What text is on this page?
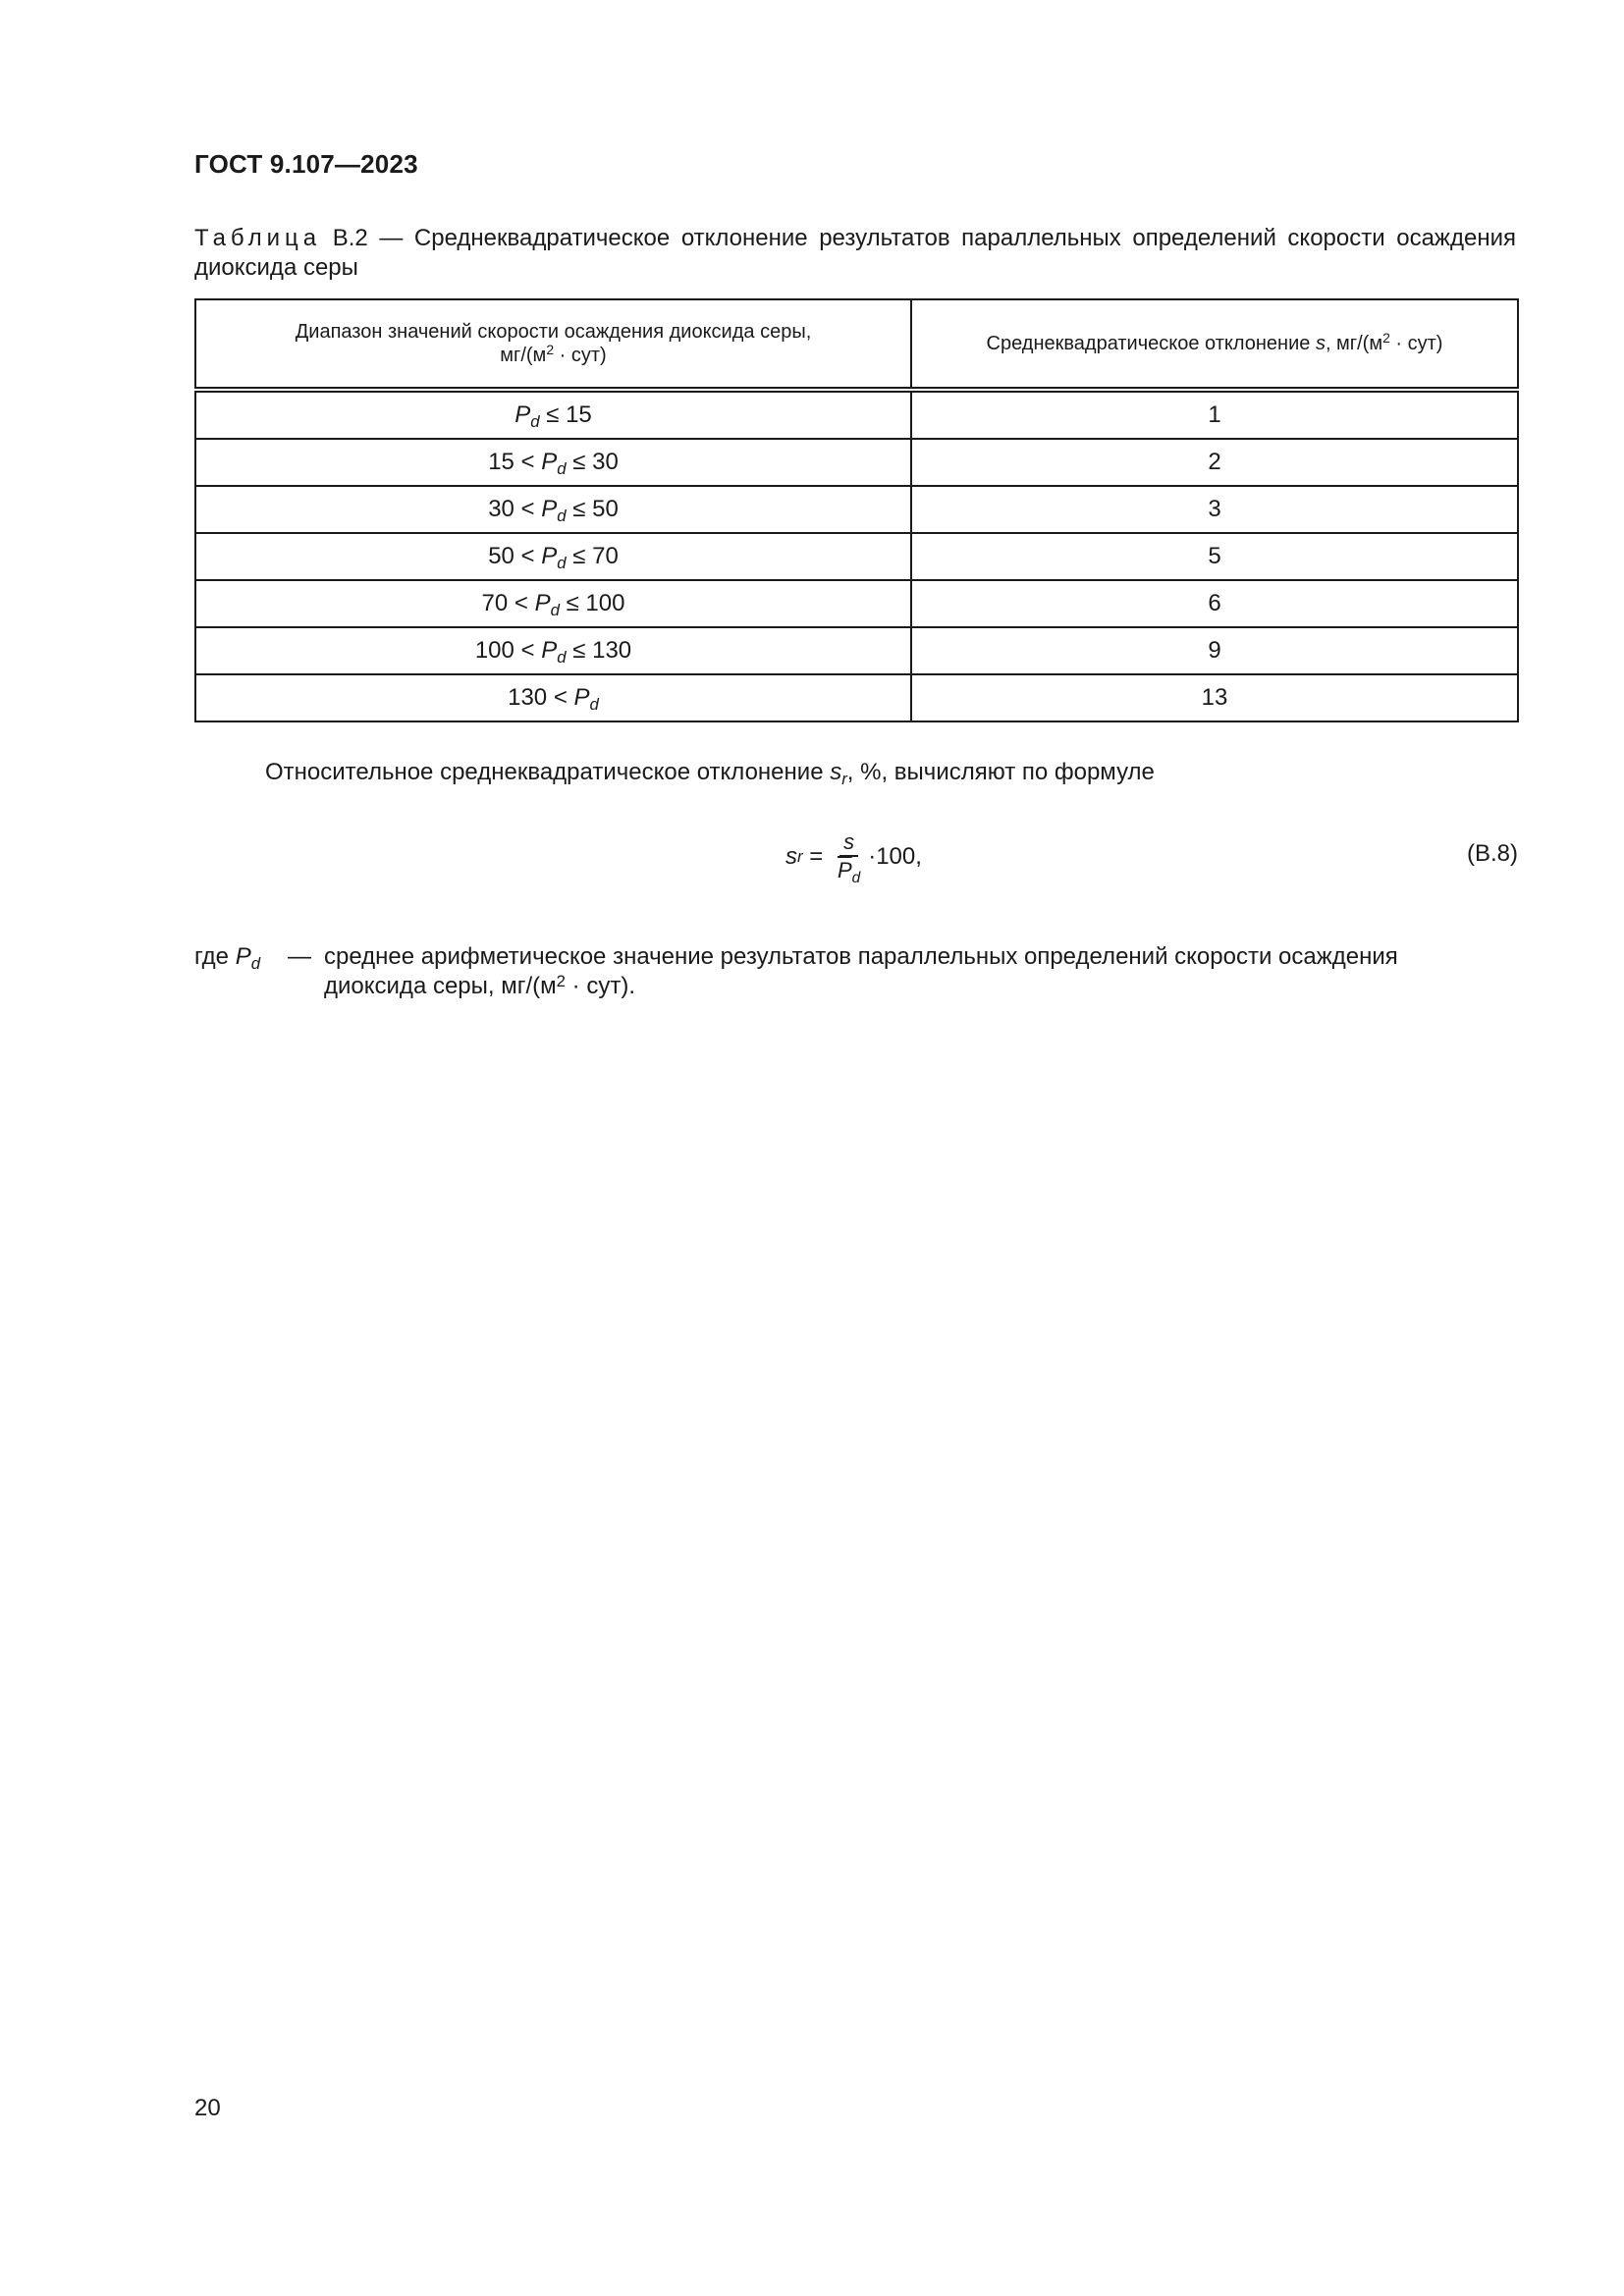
ГОСТ 9.107—2023
Таблица В.2 — Среднеквадратическое отклонение результатов параллельных определений скорости осаждения диоксида серы
Диапазон значений скорости осаждения диоксида серы,
$мг/(м^2 \cdot сут)$	Среднеквадратическое отклонение s, $мг/(м^2 \cdot сут)$
$P_d \le 15$	1
$15 < P_d \le 30$	2
$30 < P_d \le 50$	3
$50 < P_d \le 70$	5
$70 < P_d \le 100$	6
$100 < P_d \le 130$	9
$130 < P_d$	13
Относительное среднеквадратическое отклонение $s_r$, %, вычисляют по формуле
s $r = \frac{s}{\overline{P}_d} \cdot 100$,	(В.8)
где $P_d$	— среднее арифметическое значение результатов параллельных определений скорости осаждения
диоксида серы, $мг/(м^2 \cdot сут)$.
20
